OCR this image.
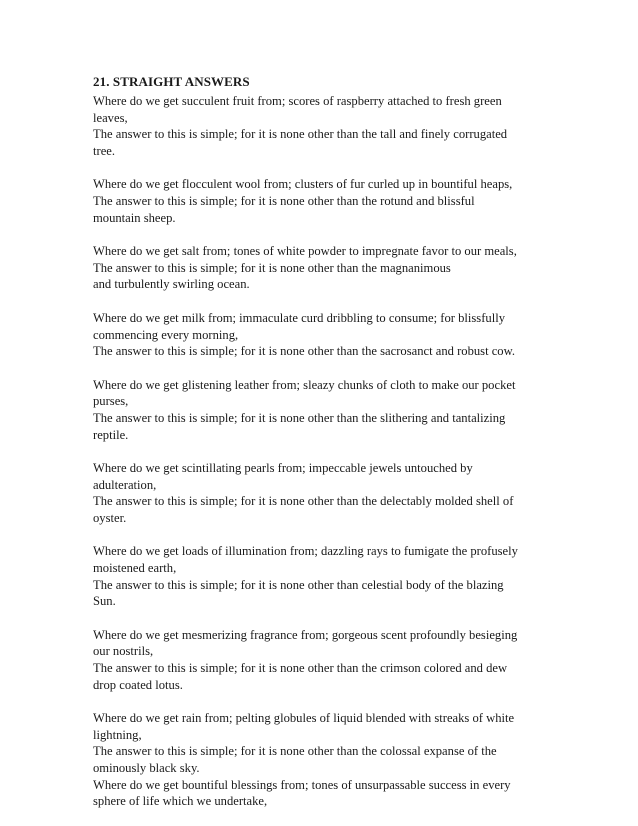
21. STRAIGHT ANSWERS
Where do we get succulent fruit from; scores of raspberry attached to fresh green
leaves,
The answer to this is simple; for it is none other than the tall and finely corrugated
tree.
Where do we get flocculent wool from; clusters of fur curled up in bountiful heaps,
The answer to this is simple; for it is none other than the rotund and blissful
mountain sheep.
Where do we get salt from; tones of white powder to impregnate favor to our meals,
The answer to this is simple; for it is none other than the magnanimous
and turbulently swirling ocean.
Where do we get milk from; immaculate curd dribbling to consume; for blissfully
commencing every morning,
The answer to this is simple; for it is none other than the sacrosanct and robust cow.
Where do we get glistening leather from; sleazy chunks of cloth to make our pocket
purses,
The answer to this is simple; for it is none other than the slithering and tantalizing
reptile.
Where do we get scintillating pearls from; impeccable jewels untouched by
adulteration,
The answer to this is simple; for it is none other than the delectably molded shell of
oyster.
Where do we get loads of illumination from; dazzling rays to fumigate the profusely
moistened earth,
The answer to this is simple; for it is none other than celestial body of the blazing
Sun.
Where do we get mesmerizing fragrance from; gorgeous scent profoundly besieging
our nostrils,
The answer to this is simple; for it is none other than the crimson colored and dew
drop coated lotus.
Where do we get rain from; pelting globules of liquid blended with streaks of white
lightning,
The answer to this is simple; for it is none other than the colossal expanse of the
ominously black sky.
Where do we get bountiful blessings from; tones of unsurpassable success in every
sphere of life which we undertake,
